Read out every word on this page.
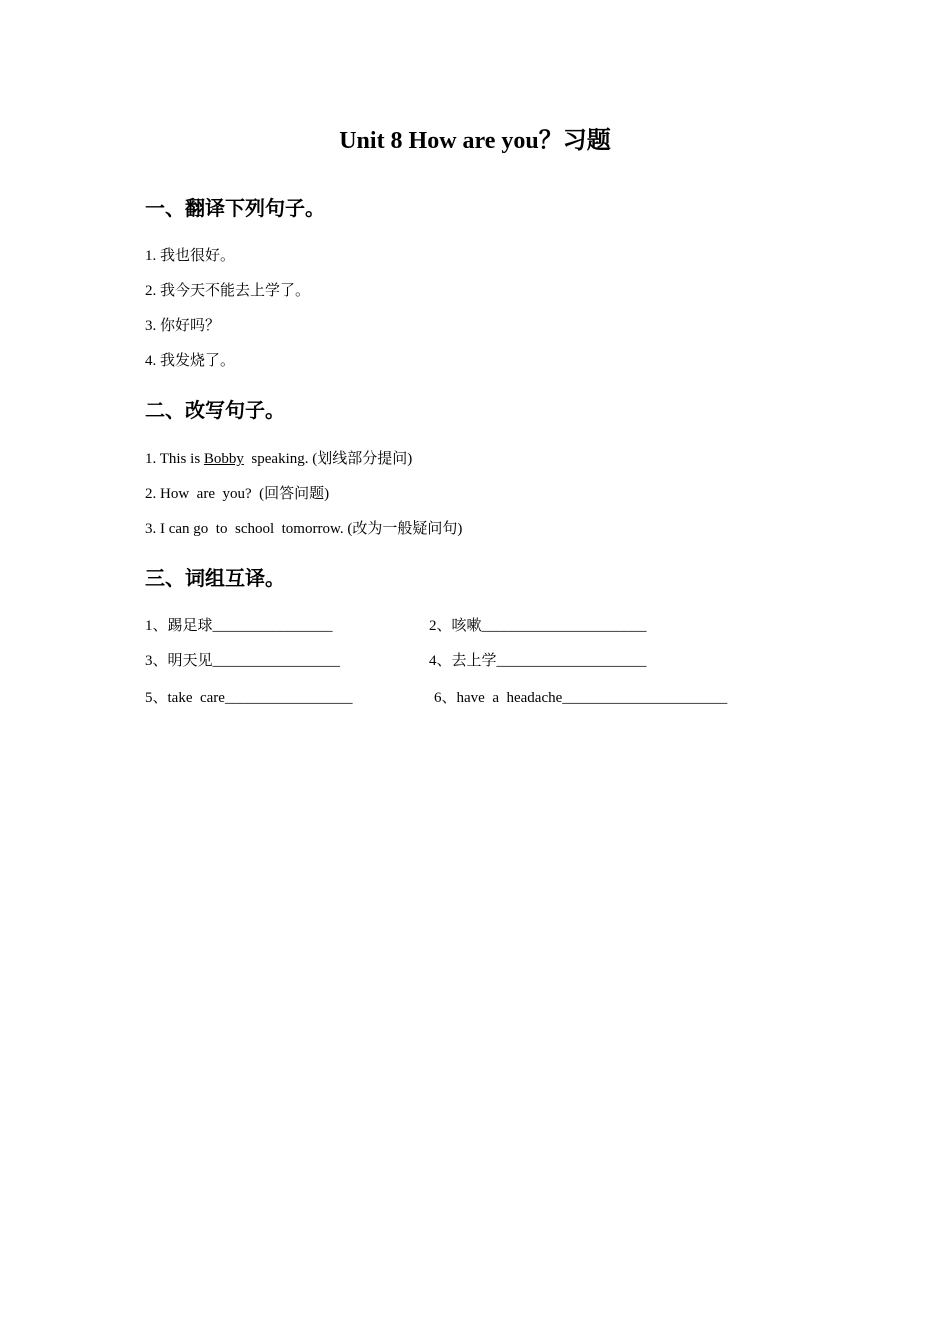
Unit 8 How are you？习题
一、翻译下列句子。
1. 我也很好。
2. 我今天不能去上学了。
3. 你好吗？
4. 我发烧了。
二、改写句子。
1. This is Bobby  speaking. (划线部分提问)
2. How  are  you?  (回答问题)
3. I can go  to  school  tomorrow. (改为一般疑问句)
三、词组互译。
1、踢足球________________	2、咳嗽______________________
3、明天见_________________	4、去上学____________________
5、take  care_________________	6、have  a  headache______________________
